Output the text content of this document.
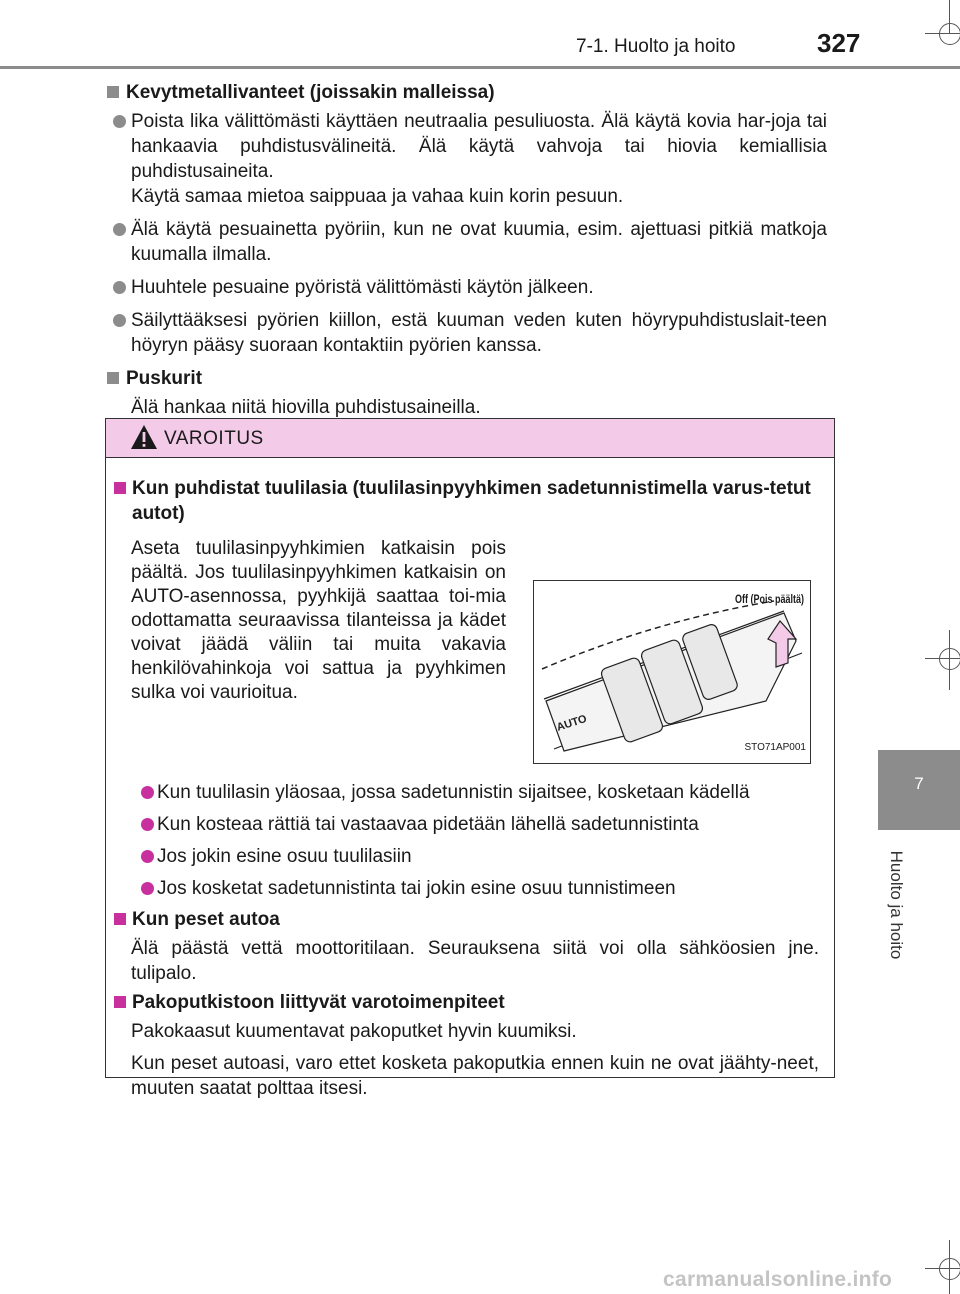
7-1. Huolto ja hoito	327
7
Huolto ja hoito
Kevytmetallivanteet (joissakin malleissa)
Poista lika välittömästi käyttäen neutraalia pesuliuosta. Älä käytä kovia har-joja tai hankaavia puhdistusvälineitä. Älä käytä vahvoja tai hiovia kemiallisia puhdistusaineita.
Käytä samaa mietoa saippuaa ja vahaa kuin korin pesuun.
Älä käytä pesuainetta pyöriin, kun ne ovat kuumia, esim. ajettuasi pitkiä matkoja kuumalla ilmalla.
Huuhtele pesuaine pyöristä välittömästi käytön jälkeen.
Säilyttääksesi pyörien kiillon, estä kuuman veden kuten höyrypuhdistuslait-teen höyryn pääsy suoraan kontaktiin pyörien kanssa.
Puskurit
Älä hankaa niitä hiovilla puhdistusaineilla.
VAROITUS
Kun puhdistat tuulilasia (tuulilasinpyyhkimen sadetunnistimella varus-tetut autot)
Aseta tuulilasinpyyhkimien katkaisin pois päältä. Jos tuulilasinpyyhkimen katkaisin on AUTO-asennossa, pyyhkijä saattaa toi-mia odottamatta seuraavissa tilanteissa ja kädet voivat jäädä väliin tai muita vakavia henkilövahinkoja voi sattua ja pyyhkimen sulka voi vaurioitua.
AUTO
Off (Pois päältä)
STO71AP001
Kun tuulilasin yläosaa, jossa sadetunnistin sijaitsee, kosketaan kädellä
Kun kosteaa rättiä tai vastaavaa pidetään lähellä sadetunnistinta
Jos jokin esine osuu tuulilasiin
Jos kosketat sadetunnistinta tai jokin esine osuu tunnistimeen
Kun peset autoa
Älä päästä vettä moottoritilaan. Seurauksena siitä voi olla sähköosien jne. tulipalo.
Pakoputkistoon liittyvät varotoimenpiteet
Pakokaasut kuumentavat pakoputket hyvin kuumiksi.
Kun peset autoasi, varo ettet kosketa pakoputkia ennen kuin ne ovat jäähty-neet, muuten saatat polttaa itsesi.
carmanualsonline.info
